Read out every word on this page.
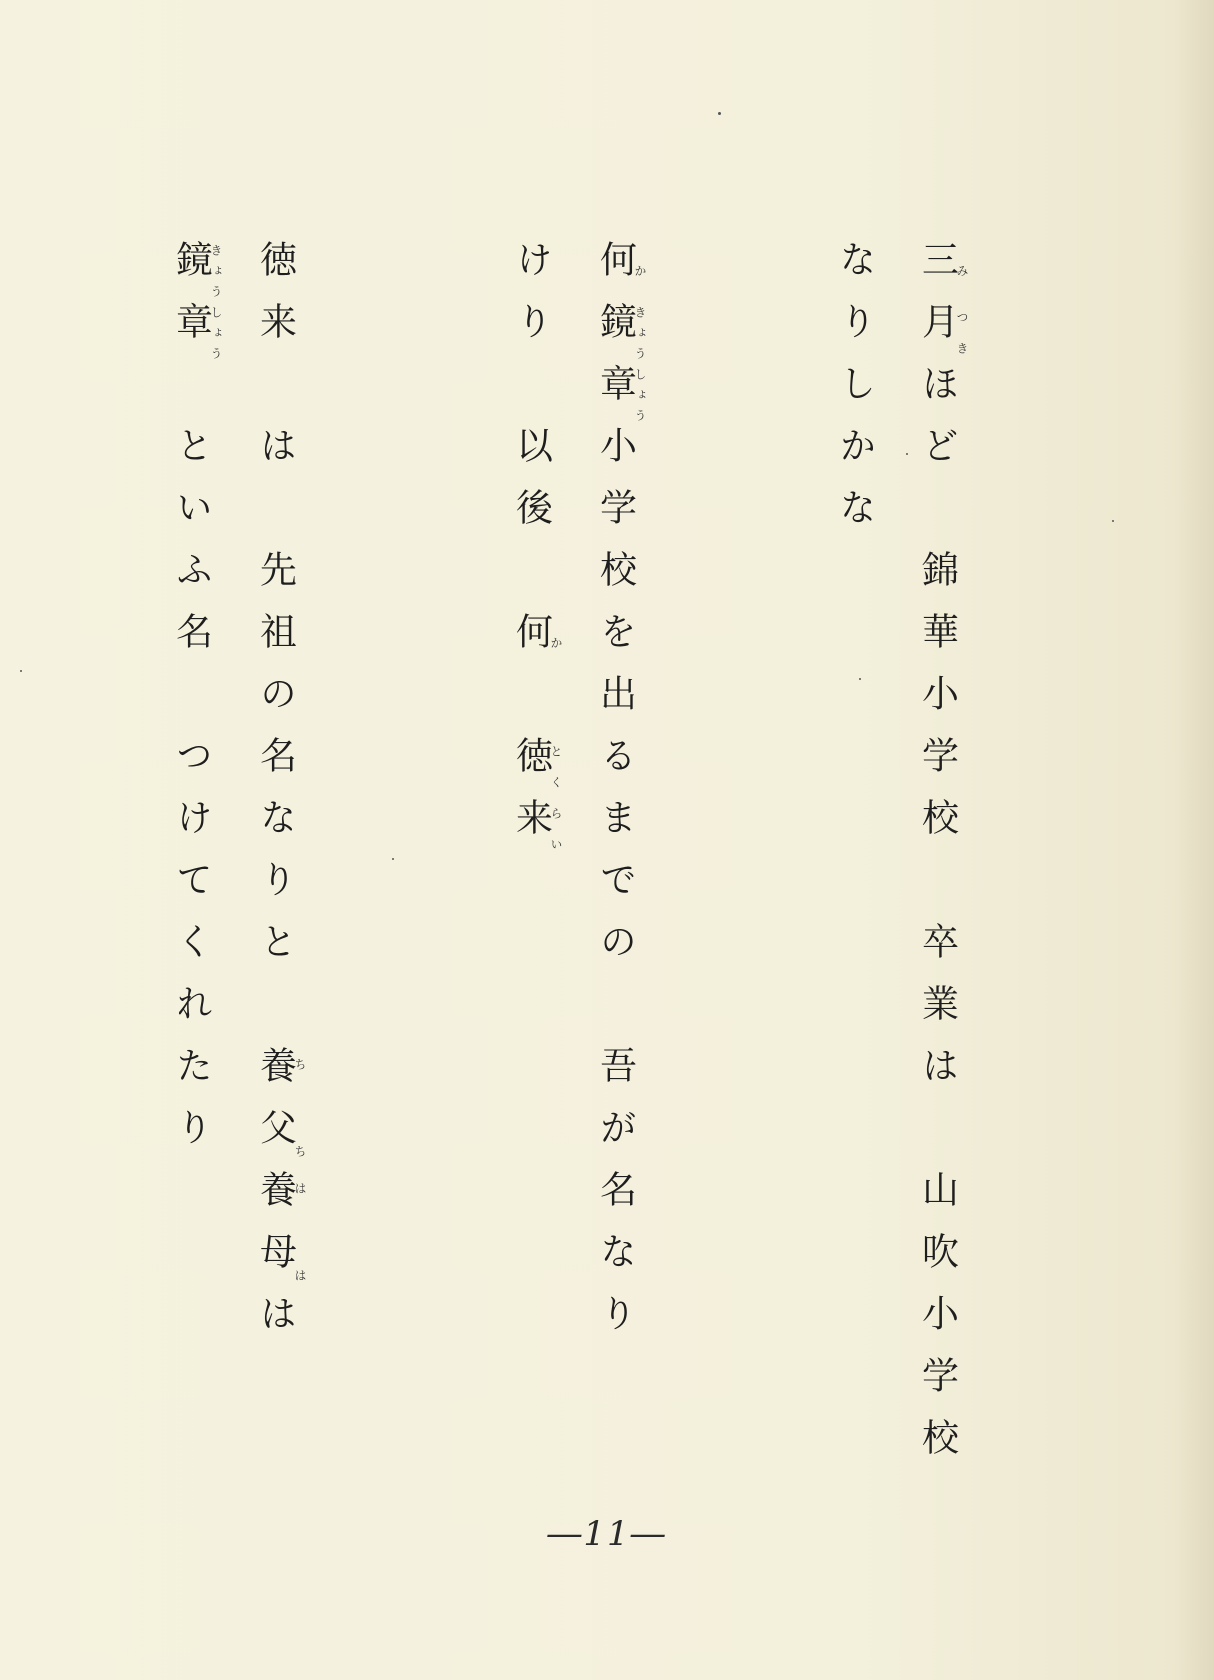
三み月つきほど　錦華小学校　卒業は　山吹小学校
なりしかな
何か鏡章きょうしょう小学校を出るまでの　吾が名なり
けり　以後　何か　徳来とくらい
徳来　は　先祖の名なりと　養父ちち養母ははは
鏡章きょうしょう　といふ名　つけてくれたり
―11―
